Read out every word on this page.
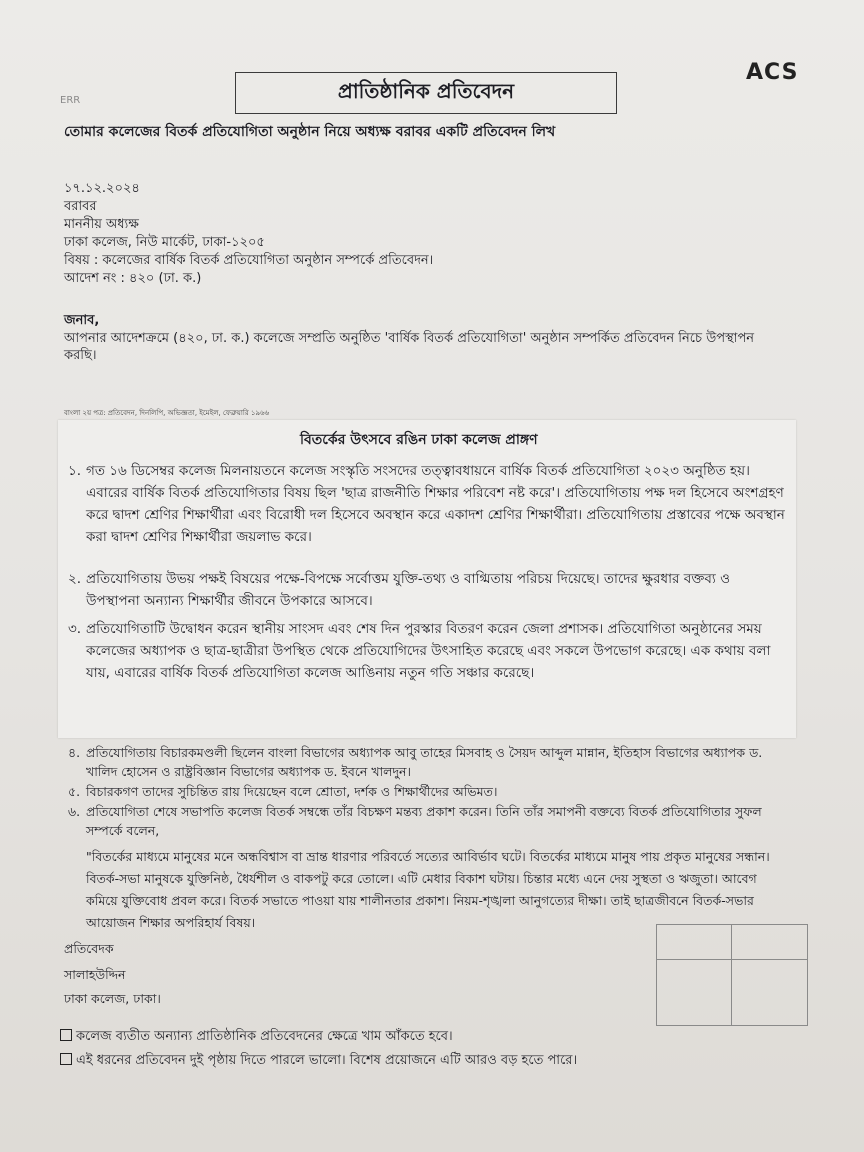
ACS
ERR	প্রাতিষ্ঠানিক প্রতিবেদন
তোমার কলেজের বিতর্ক প্রতিযোগিতা অনুষ্ঠান নিয়ে অধ্যক্ষ বরাবর একটি প্রতিবেদন লিখ
১৭.১২.২০২৪
বরাবর
মাননীয় অধ্যক্ষ
ঢাকা কলেজ, নিউ মার্কেট, ঢাকা-১২০৫
বিষয় : কলেজের বার্ষিক বিতর্ক প্রতিযোগিতা অনুষ্ঠান সম্পর্কে প্রতিবেদন।
আদেশ নং : ৪২০ (ঢা. ক.)
জনাব,
আপনার আদেশক্রমে (৪২০, ঢা. ক.) কলেজে সম্প্রতি অনুষ্ঠিত 'বার্ষিক বিতর্ক প্রতিযোগিতা' অনুষ্ঠান সম্পর্কিত প্রতিবেদন নিচে উপস্থাপন করছি।
বাংলা ২য় পত্র: প্রতিবেদন, দিনলিপি, অভিজ্ঞতা, ইমেইল, ফেব্রুয়ারি ১৯৬৬
বিতর্কের উৎসবে রঙিন ঢাকা কলেজ প্রাঙ্গণ
১. গত ১৬ ডিসেম্বর কলেজ মিলনায়তনে কলেজ সংস্কৃতি সংসদের তত্ত্বাবধায়নে বার্ষিক বিতর্ক প্রতিযোগিতা ২০২৩ অনুষ্ঠিত হয়। এবারের বার্ষিক বিতর্ক প্রতিযোগিতার বিষয় ছিল 'ছাত্র রাজনীতি শিক্ষার পরিবেশ নষ্ট করে'। প্রতিযোগিতায় পক্ষ দল হিসেবে অংশগ্রহণ করে দ্বাদশ শ্রেণির শিক্ষার্থীরা এবং বিরোধী দল হিসেবে অবস্থান করে একাদশ শ্রেণির শিক্ষার্থীরা। প্রতিযোগিতায় প্রস্তাবের পক্ষে অবস্থান করা দ্বাদশ শ্রেণির শিক্ষার্থীরা জয়লাভ করে।
২. প্রতিযোগিতায় উভয় পক্ষই বিষয়ের পক্ষে-বিপক্ষে সর্বোত্তম যুক্তি-তথ্য ও বাগ্মিতায় পরিচয় দিয়েছে। তাদের ক্ষুরধার বক্তব্য ও উপস্থাপনা অন্যান্য শিক্ষার্থীর জীবনে উপকারে আসবে।
৩. প্রতিযোগিতাটি উদ্বোধন করেন স্থানীয় সাংসদ এবং শেষ দিন পুরস্কার বিতরণ করেন জেলা প্রশাসক। প্রতিযোগিতা অনুষ্ঠানের সময় কলেজের অধ্যাপক ও ছাত্র-ছাত্রীরা উপস্থিত থেকে প্রতিযোগিদের উৎসাহিত করেছে এবং সকলে উপভোগ করেছে। এক কথায় বলা যায়, এবারের বার্ষিক বিতর্ক প্রতিযোগিতা কলেজ আঙিনায় নতুন গতি সঞ্চার করেছে।
৪. প্রতিযোগিতায় বিচারকমণ্ডলী ছিলেন বাংলা বিভাগের অধ্যাপক আবু তাহের মিসবাহ ও সৈয়দ আব্দুল মান্নান, ইতিহাস বিভাগের অধ্যাপক ড. খালিদ হোসেন ও রাষ্ট্রবিজ্ঞান বিভাগের অধ্যাপক ড. ইবনে খালদুন।
৫. বিচারকগণ তাদের সুচিন্তিত রায় দিয়েছেন বলে শ্রোতা, দর্শক ও শিক্ষার্থীদের অভিমত।
৬. প্রতিযোগিতা শেষে সভাপতি কলেজ বিতর্ক সম্বন্ধে তাঁর বিচক্ষণ মন্তব্য প্রকাশ করেন। তিনি তাঁর সমাপনী বক্তব্যে বিতর্ক প্রতিযোগিতার সুফল সম্পর্কে বলেন,
"বিতর্কের মাধ্যমে মানুষের মনে অন্ধবিশ্বাস বা ভ্রান্ত ধারণার পরিবর্তে সত্যের আবির্ভাব ঘটে। বিতর্কের মাধ্যমে মানুষ পায় প্রকৃত মানুষের সন্ধান। বিতর্ক-সভা মানুষকে যুক্তিনিষ্ঠ, ধৈর্যশীল ও বাকপটু করে তোলে। এটি মেধার বিকাশ ঘটায়। চিন্তার মধ্যে এনে দেয় সুস্থতা ও ঋজুতা। আবেগ কমিয়ে যুক্তিবোধ প্রবল করে। বিতর্ক সভাতে পাওয়া যায় শালীনতার প্রকাশ। নিয়ম-শৃঙ্খলা আনুগত্যের দীক্ষা। তাই ছাত্রজীবনে বিতর্ক-সভার আয়োজন শিক্ষার অপরিহার্য বিষয়।
প্রতিবেদক
সালাহউদ্দিন
ঢাকা কলেজ, ঢাকা।
কলেজ ব্যতীত অন্যান্য প্রাতিষ্ঠানিক প্রতিবেদনের ক্ষেত্রে খাম আঁকতে হবে।
এই ধরনের প্রতিবেদন দুই পৃষ্ঠায় দিতে পারলে ভালো। বিশেষ প্রয়োজনে এটি আরও বড় হতে পারে।
